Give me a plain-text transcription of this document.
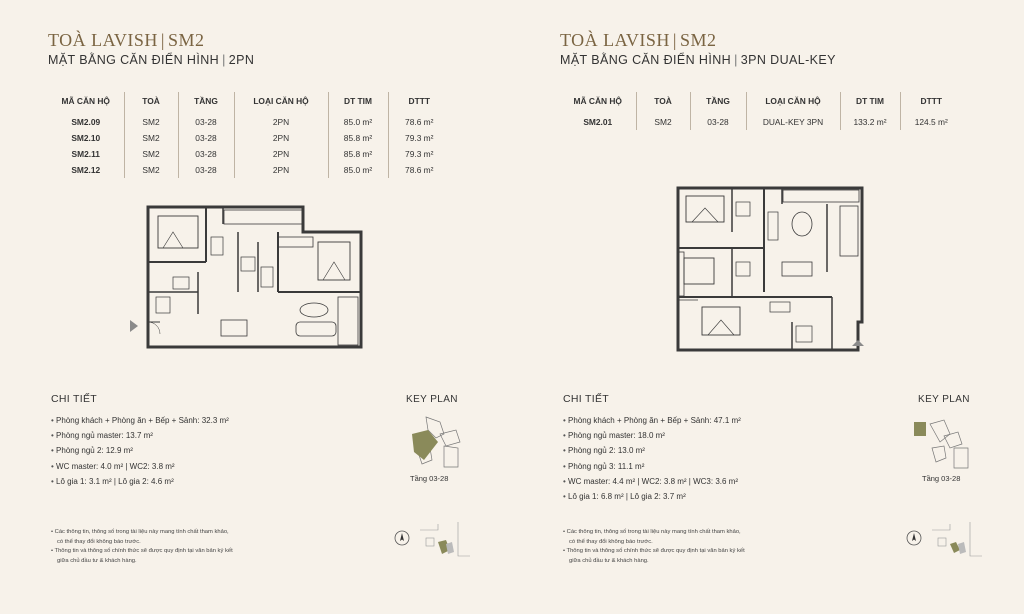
TOÀ LAVISH | SM2
MẶT BẰNG CĂN ĐIỂN HÌNH | 2PN
MÃ CĂN HỘ	TOÀ	TẦNG	LOẠI CĂN HỘ	DT TIM	DTTT
SM2.09	SM2	03-28	2PN	85.0 m²	78.6 m²
SM2.10	SM2	03-28	2PN	85.8 m²	79.3 m²
SM2.11	SM2	03-28	2PN	85.8 m²	79.3 m²
SM2.12	SM2	03-28	2PN	85.0 m²	78.6 m²
CHI TIẾT
• Phòng khách + Phòng ăn + Bếp + Sảnh: 32.3 m²
• Phòng ngủ master: 13.7 m²
• Phòng ngủ 2: 12.9 m²
• WC master: 4.0 m² | WC2: 3.8 m²
• Lô gia 1: 3.1 m² | Lô gia 2: 4.6 m²
KEY PLAN
Tầng 03-28
• Các thông tin, thông số trong tài liệu này mang tính chất tham khảo,
có thể thay đổi không báo trước.
• Thông tin và thông số chính thức sẽ được quy định tại văn bản ký kết
giữa chủ đầu tư & khách hàng.
TOÀ LAVISH | SM2
MẶT BẰNG CĂN ĐIỂN HÌNH | 3PN DUAL-KEY
MÃ CĂN HỘ	TOÀ	TẦNG	LOẠI CĂN HỘ	DT TIM	DTTT
SM2.01	SM2	03-28	DUAL-KEY 3PN	133.2 m²	124.5 m²
CHI TIẾT
• Phòng khách + Phòng ăn + Bếp + Sảnh: 47.1 m²
• Phòng ngủ master: 18.0 m²
• Phòng ngủ 2: 13.0 m²
• Phòng ngủ 3: 11.1 m²
• WC master: 4.4 m² | WC2: 3.8 m² | WC3: 3.6 m²
• Lô gia 1: 6.8 m² | Lô gia 2: 3.7 m²
KEY PLAN
Tầng 03-28
• Các thông tin, thông số trong tài liệu này mang tính chất tham khảo,
có thể thay đổi không báo trước.
• Thông tin và thông số chính thức sẽ được quy định tại văn bản ký kết
giữa chủ đầu tư & khách hàng.
